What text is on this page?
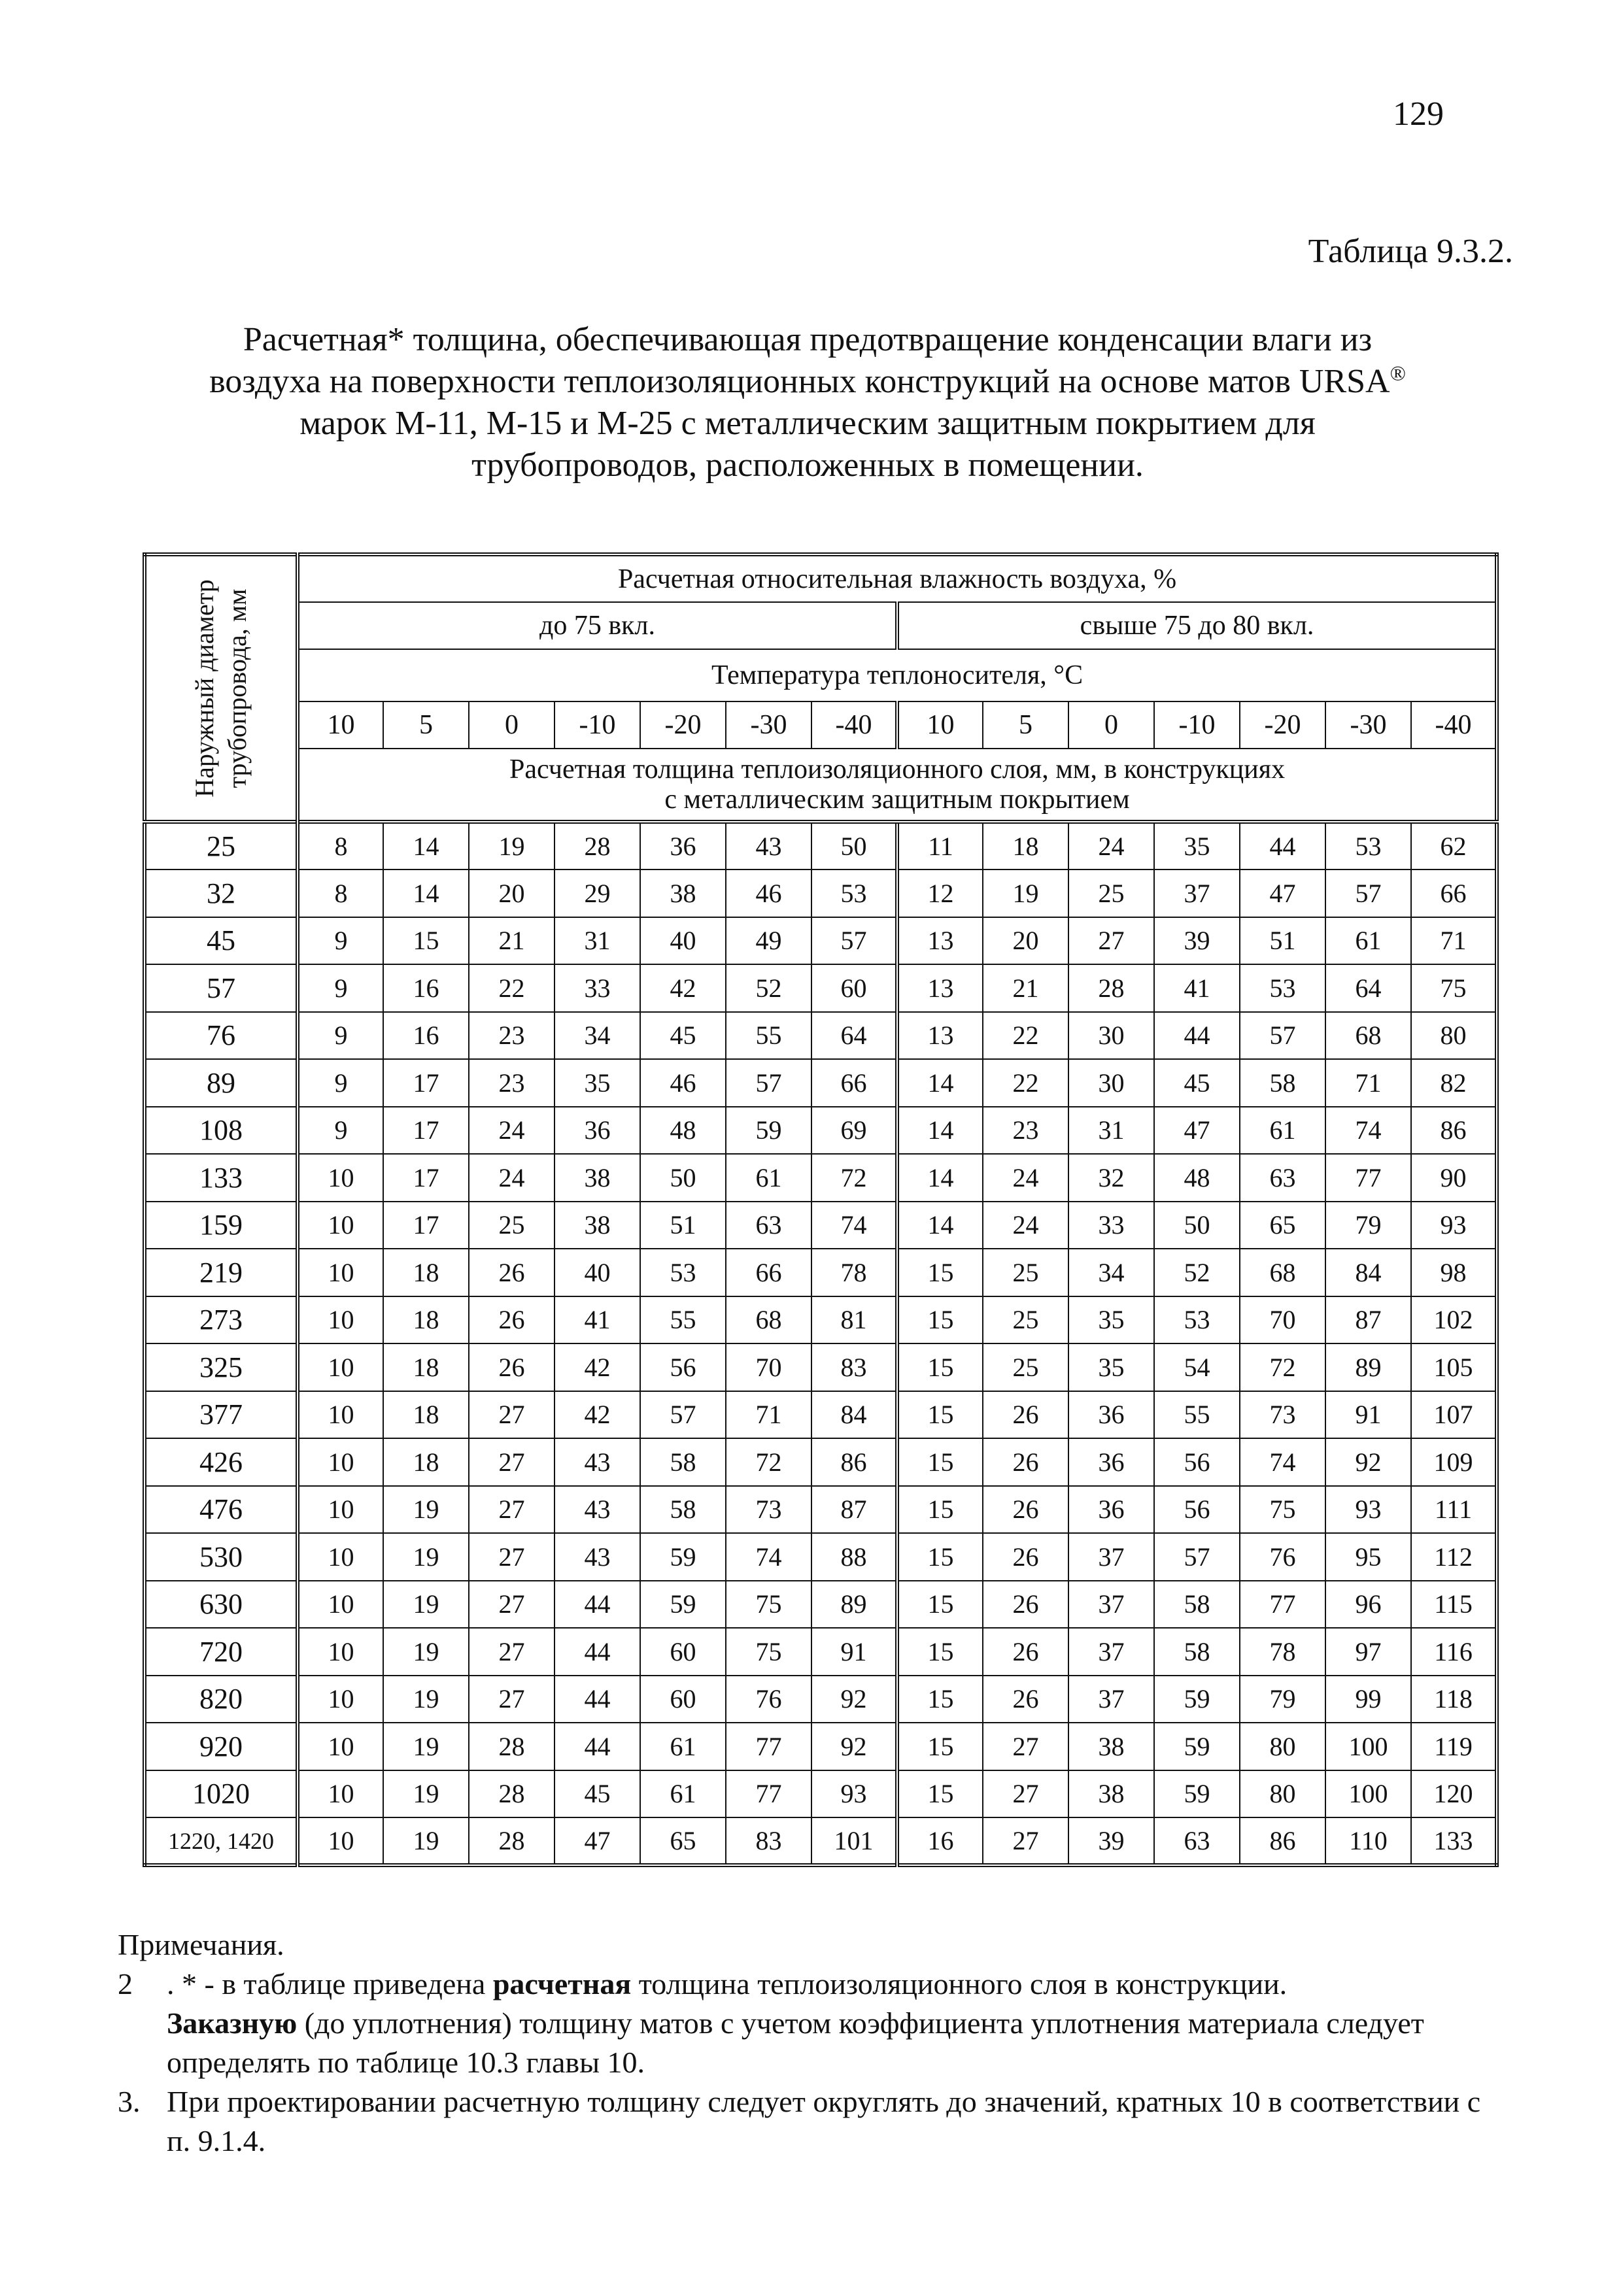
129
Таблица 9.3.2.
Расчетная* толщина, обеспечивающая предотвращение конденсации влаги из
воздуха на поверхности теплоизоляционных конструкций на основе матов URSA®
марок М-11, М-15 и М-25 с металлическим защитным покрытием для
трубопроводов, расположенных в помещении.
Наружный диаметр трубопровода, мм	Расчетная относительная влажность воздуха, %													
	до 75 вкл.							свыше 75 до 80 вкл.						
	Температура теплоносителя, °С													
	10	5	0	-10	-20	-30	-40	10	5	0	-10	-20	-30	-40

	Расчетная толщина теплоизоляционного слоя, мм, в конструкциях
с металлическим защитным покрытием													

25	8	14	19	28	36	43	50	11	18	24	35	44	53	62
32	8	14	20	29	38	46	53	12	19	25	37	47	57	66
45	9	15	21	31	40	49	57	13	20	27	39	51	61	71
57	9	16	22	33	42	52	60	13	21	28	41	53	64	75
76	9	16	23	34	45	55	64	13	22	30	44	57	68	80
89	9	17	23	35	46	57	66	14	22	30	45	58	71	82
108	9	17	24	36	48	59	69	14	23	31	47	61	74	86
133	10	17	24	38	50	61	72	14	24	32	48	63	77	90
159	10	17	25	38	51	63	74	14	24	33	50	65	79	93
219	10	18	26	40	53	66	78	15	25	34	52	68	84	98
273	10	18	26	41	55	68	81	15	25	35	53	70	87	102
325	10	18	26	42	56	70	83	15	25	35	54	72	89	105
377	10	18	27	42	57	71	84	15	26	36	55	73	91	107
426	10	18	27	43	58	72	86	15	26	36	56	74	92	109
476	10	19	27	43	58	73	87	15	26	36	56	75	93	111
530	10	19	27	43	59	74	88	15	26	37	57	76	95	112
630	10	19	27	44	59	75	89	15	26	37	58	77	96	115
720	10	19	27	44	60	75	91	15	26	37	58	78	97	116
820	10	19	27	44	60	76	92	15	26	37	59	79	99	118
920	10	19	28	44	61	77	92	15	27	38	59	80	100	119
1020	10	19	28	45	61	77	93	15	27	38	59	80	100	120
1220, 1420	10	19	28	47	65	83	101	16	27	39	63	86	110	133
Примечания.
2	. * - в таблице приведена расчетная толщина теплоизоляционного слоя в конструкции.
Заказную (до уплотнения) толщину матов с учетом коэффициента уплотнения материала следует определять по таблице 10.3 главы 10.
3. При проектировании расчетную толщину следует округлять до значений, кратных 10 в соответствии с п. 9.1.4.
